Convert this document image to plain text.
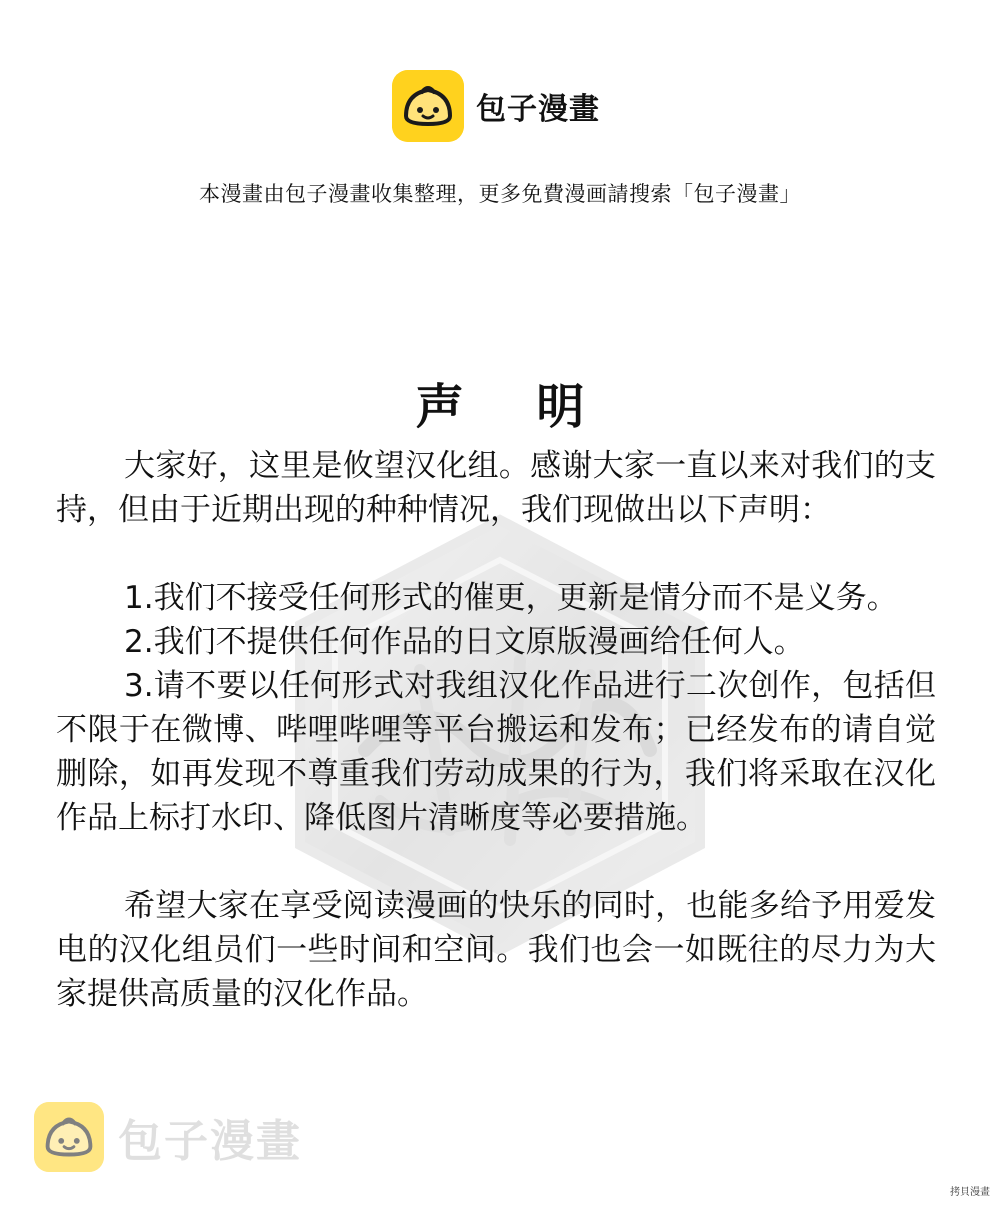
包子漫畫
本漫畫由包子漫畫收集整理，更多免費漫画請搜索「包子漫畫」
声 明

大家好，这里是攸望汉化组。感谢大家一直以来对我们的支持，但由于近期出现的种种情况，我们现做出以下声明：

1.我们不接受任何形式的催更，更新是情分而不是义务。

2.我们不提供任何作品的日文原版漫画给任何人。

3.请不要以任何形式对我组汉化作品进行二次创作，包括但不限于在微博、哔哩哔哩等平台搬运和发布；已经发布的请自觉删除，如再发现不尊重我们劳动成果的行为，我们将采取在汉化作品上标打水印、降低图片清晰度等必要措施。

希望大家在享受阅读漫画的快乐的同时，也能多给予用爱发电的汉化组员们一些时间和空间。我们也会一如既往的尽力为大家提供高质量的汉化作品。

包子漫畫
拷貝漫畫
